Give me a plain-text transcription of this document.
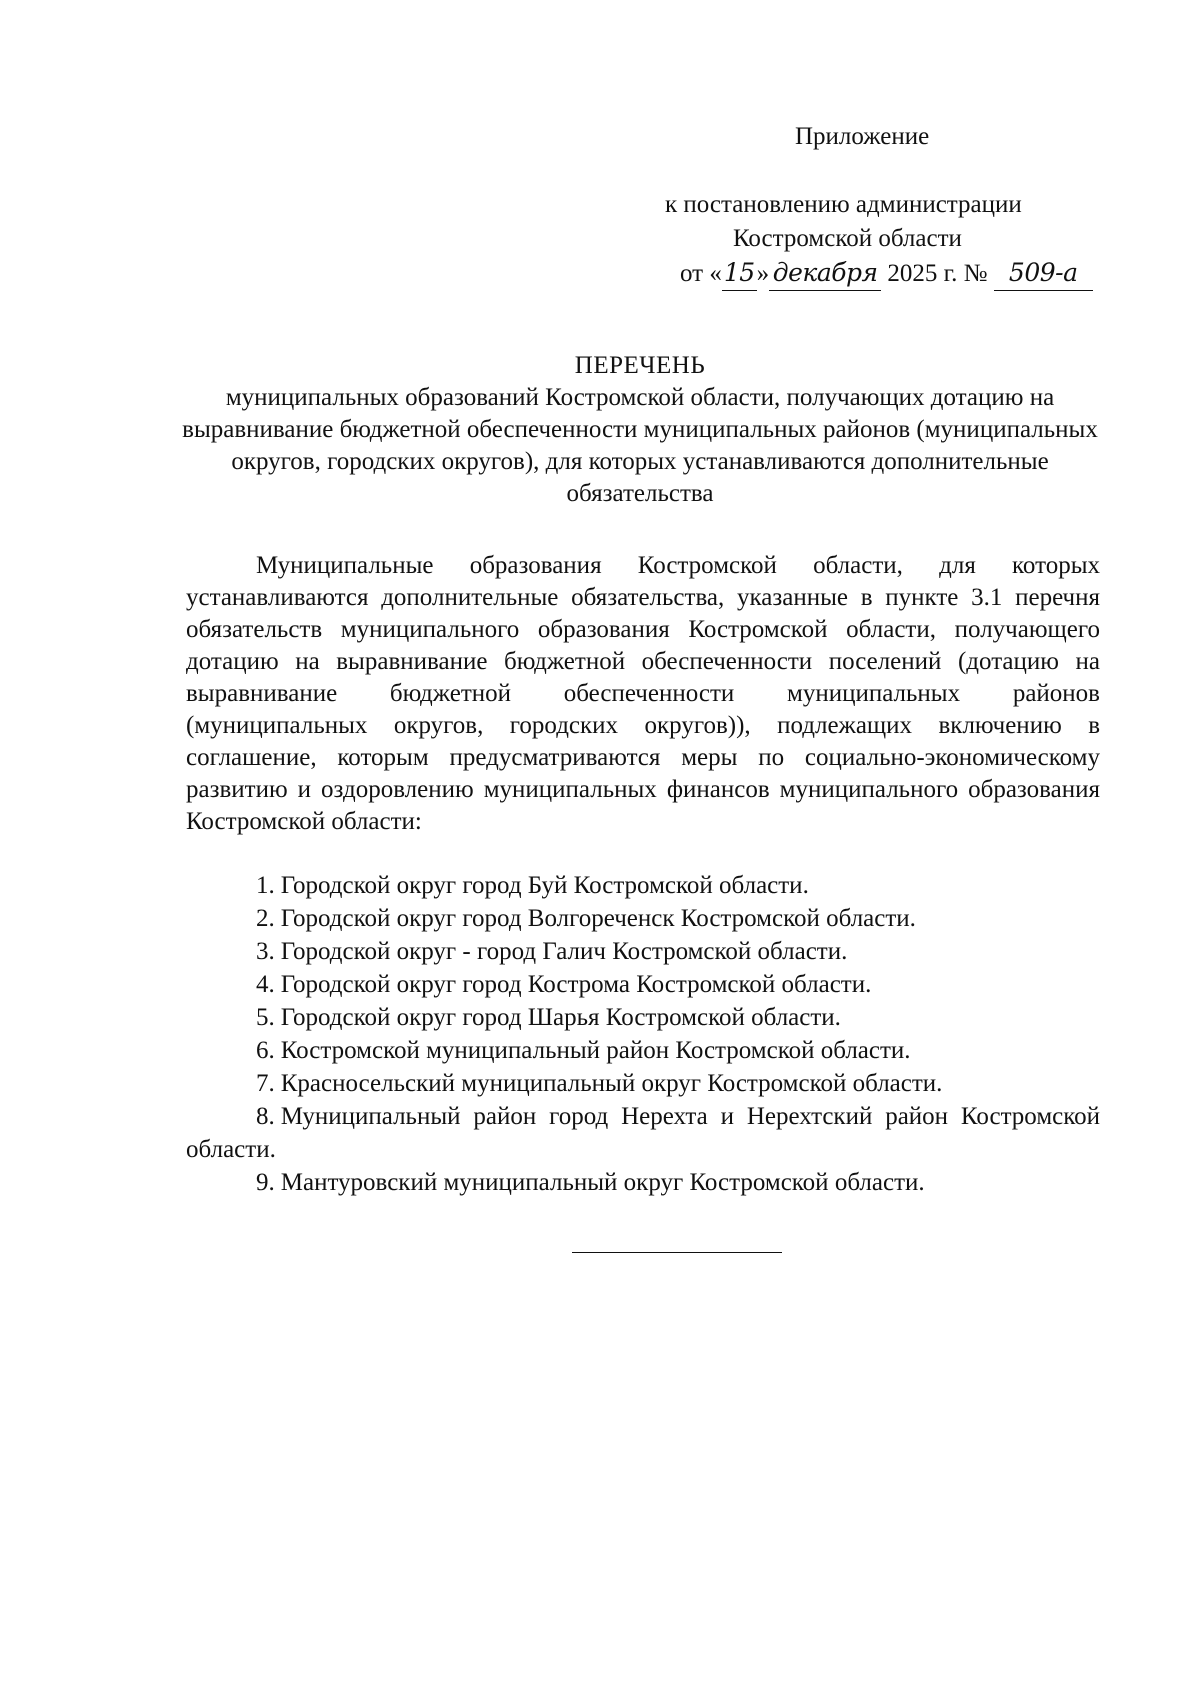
Приложение
к постановлению администрации
Костромской области
от «15» декабря 2025 г. № 509-а
ПЕРЕЧЕНЬ
муниципальных образований Костромской области, получающих дотацию на выравнивание бюджетной обеспеченности муниципальных районов (муниципальных округов, городских округов), для которых устанавливаются дополнительные обязательства

Муниципальные образования Костромской области, для которых устанавливаются дополнительные обязательства, указанные в пункте 3.1 перечня обязательств муниципального образования Костромской области, получающего дотацию на выравнивание бюджетной обеспеченности поселений (дотацию на выравнивание бюджетной обеспеченности муниципальных районов (муниципальных округов, городских округов)), подлежащих включению в соглашение, которым предусматриваются меры по социально-экономическому развитию и оздоровлению муниципальных финансов муниципального образования Костромской области:

1. Городской округ город Буй Костромской области.
2. Городской округ город Волгореченск Костромской области.
3. Городской округ - город Галич Костромской области.
4. Городской округ город Кострома Костромской области.
5. Городской округ город Шарья Костромской области.
6. Костромской муниципальный район Костромской области.
7. Красносельский муниципальный округ Костромской области.
8. Муниципальный район город Нерехта и Нерехтский район Костромской области.
9. Мантуровский муниципальный округ Костромской области.
